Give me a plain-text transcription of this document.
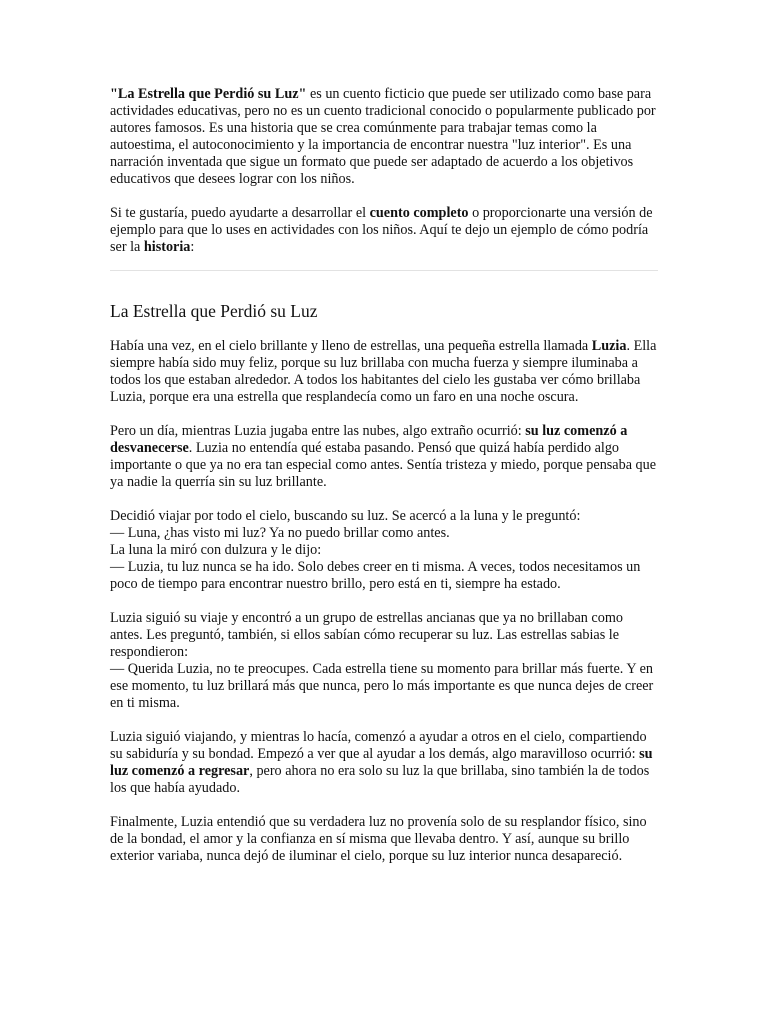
"La Estrella que Perdió su Luz" es un cuento ficticio que puede ser utilizado como base para actividades educativas, pero no es un cuento tradicional conocido o popularmente publicado por autores famosos. Es una historia que se crea comúnmente para trabajar temas como la autoestima, el autoconocimiento y la importancia de encontrar nuestra "luz interior". Es una narración inventada que sigue un formato que puede ser adaptado de acuerdo a los objetivos educativos que desees lograr con los niños.

Si te gustaría, puedo ayudarte a desarrollar el cuento completo o proporcionarte una versión de ejemplo para que lo uses en actividades con los niños. Aquí te dejo un ejemplo de cómo podría ser la historia:

La Estrella que Perdió su Luz

Había una vez, en el cielo brillante y lleno de estrellas, una pequeña estrella llamada Luzia. Ella siempre había sido muy feliz, porque su luz brillaba con mucha fuerza y siempre iluminaba a todos los que estaban alrededor. A todos los habitantes del cielo les gustaba ver cómo brillaba Luzia, porque era una estrella que resplandecía como un faro en una noche oscura.

Pero un día, mientras Luzia jugaba entre las nubes, algo extraño ocurrió: su luz comenzó a desvanecerse. Luzia no entendía qué estaba pasando. Pensó que quizá había perdido algo importante o que ya no era tan especial como antes. Sentía tristeza y miedo, porque pensaba que ya nadie la querría sin su luz brillante.

Decidió viajar por todo el cielo, buscando su luz. Se acercó a la luna y le preguntó:
— Luna, ¿has visto mi luz? Ya no puedo brillar como antes.
La luna la miró con dulzura y le dijo:
— Luzia, tu luz nunca se ha ido. Solo debes creer en ti misma. A veces, todos necesitamos un poco de tiempo para encontrar nuestro brillo, pero está en ti, siempre ha estado.

Luzia siguió su viaje y encontró a un grupo de estrellas ancianas que ya no brillaban como antes. Les preguntó, también, si ellos sabían cómo recuperar su luz. Las estrellas sabias le respondieron:
— Querida Luzia, no te preocupes. Cada estrella tiene su momento para brillar más fuerte. Y en ese momento, tu luz brillará más que nunca, pero lo más importante es que nunca dejes de creer en ti misma.

Luzia siguió viajando, y mientras lo hacía, comenzó a ayudar a otros en el cielo, compartiendo su sabiduría y su bondad. Empezó a ver que al ayudar a los demás, algo maravilloso ocurrió: su luz comenzó a regresar, pero ahora no era solo su luz la que brillaba, sino también la de todos los que había ayudado.

Finalmente, Luzia entendió que su verdadera luz no provenía solo de su resplandor físico, sino de la bondad, el amor y la confianza en sí misma que llevaba dentro. Y así, aunque su brillo exterior variaba, nunca dejó de iluminar el cielo, porque su luz interior nunca desapareció.
